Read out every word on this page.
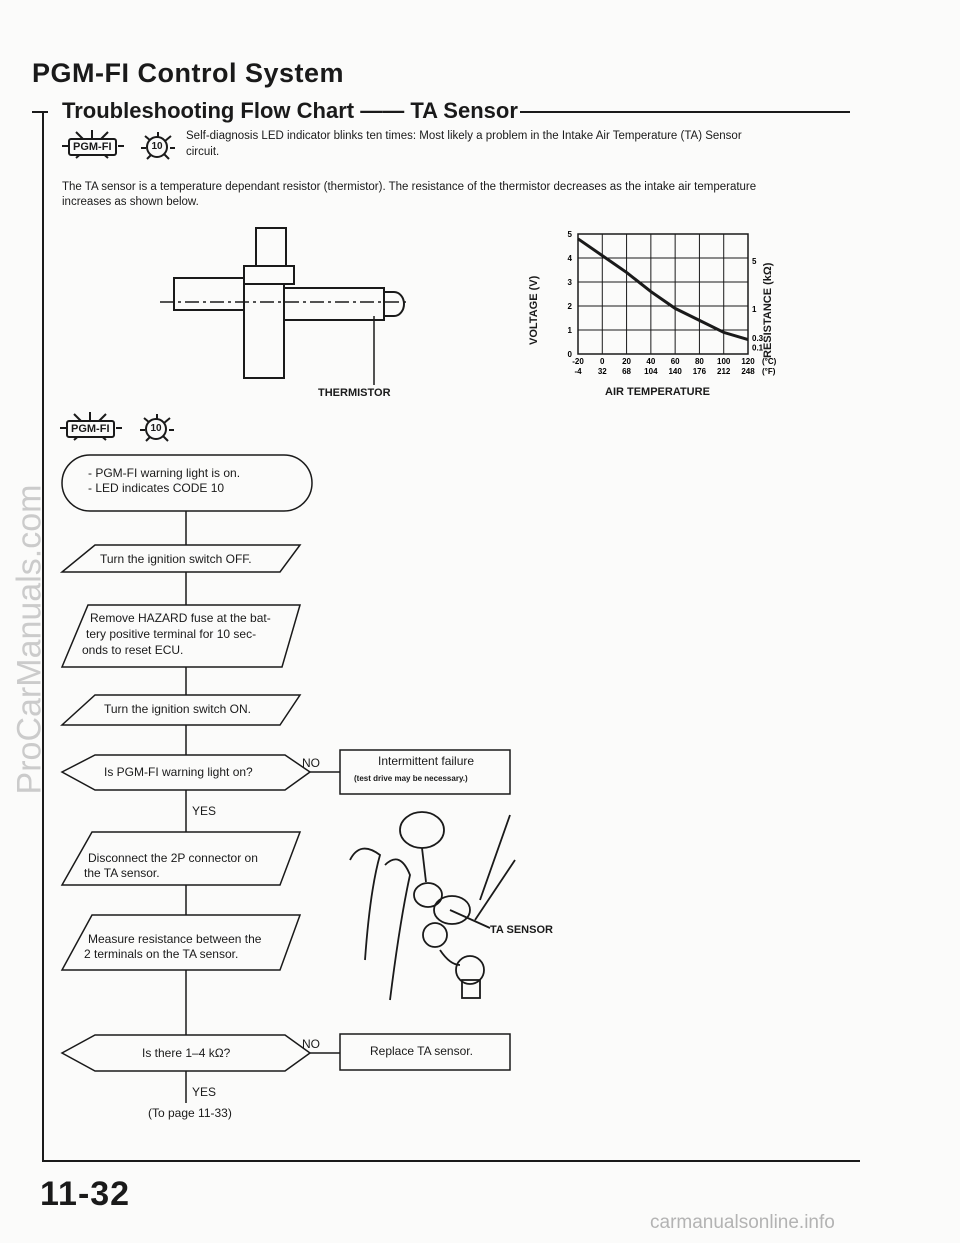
PGM-FI Control System
Troubleshooting Flow Chart —— TA Sensor
PGM-FI	10
Self-diagnosis LED indicator blinks ten times: Most likely a problem in the Intake Air Temperature (TA) Sensor
circuit.
The TA sensor is a temperature dependant resistor (thermistor). The resistance of the thermistor decreases as the intake air temperature
increases as shown below.
THERMISTOR
-20
-4
0
32
20
68
40
104
60
140
80
176
100
212
120
248
(°C)
(°F)
0
1
2
3
4
5
5
1
0.3
0.1
AIR TEMPERATURE
VOLTAGE (V)	RESISTANCE (kΩ)
PGM-FI	10
- PGM-FI warning light is on.
- LED indicates CODE 10
Turn the ignition switch OFF.
Remove HAZARD fuse at the bat-
tery positive terminal for 10 sec-
onds to reset ECU.
Turn the ignition switch ON.
Is PGM-FI warning light on?
NO	Intermittent failure
(test drive may be necessary.)
YES
Disconnect the 2P connector on
the TA sensor.
Measure resistance between the
2 terminals on the TA sensor.
Is there 1–4 kΩ?
NO	Replace TA sensor.
YES
(To page 11-33)
TA SENSOR
ProCarManuals.com
11-32
carmanualsonline.info
